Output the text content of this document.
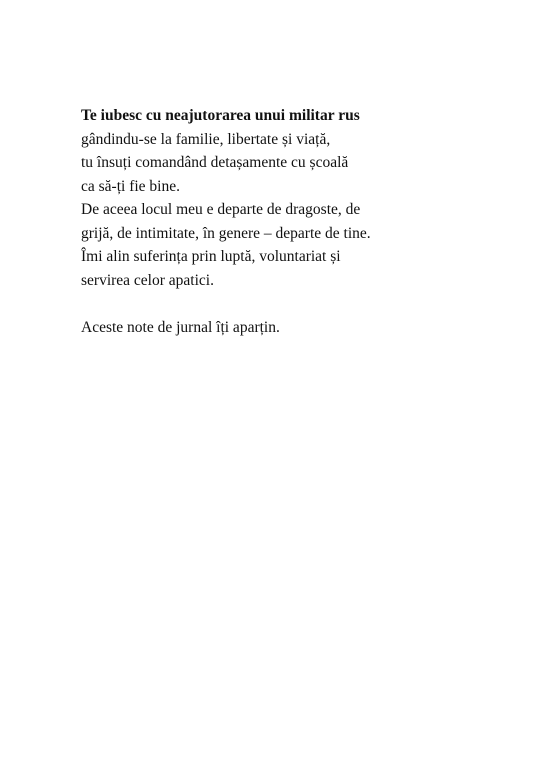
Te iubesc cu neajutorarea unui militar rus
gândindu-se la familie, libertate și viață,
tu însuți comandând detașamente cu școală
ca să-ți fie bine.
De aceea locul meu e departe de dragoste, de
grijă, de intimitate, în genere – departe de tine.
Îmi alin suferința prin luptă, voluntariat și
servirea celor apatici.
Aceste note de jurnal îți aparțin.
